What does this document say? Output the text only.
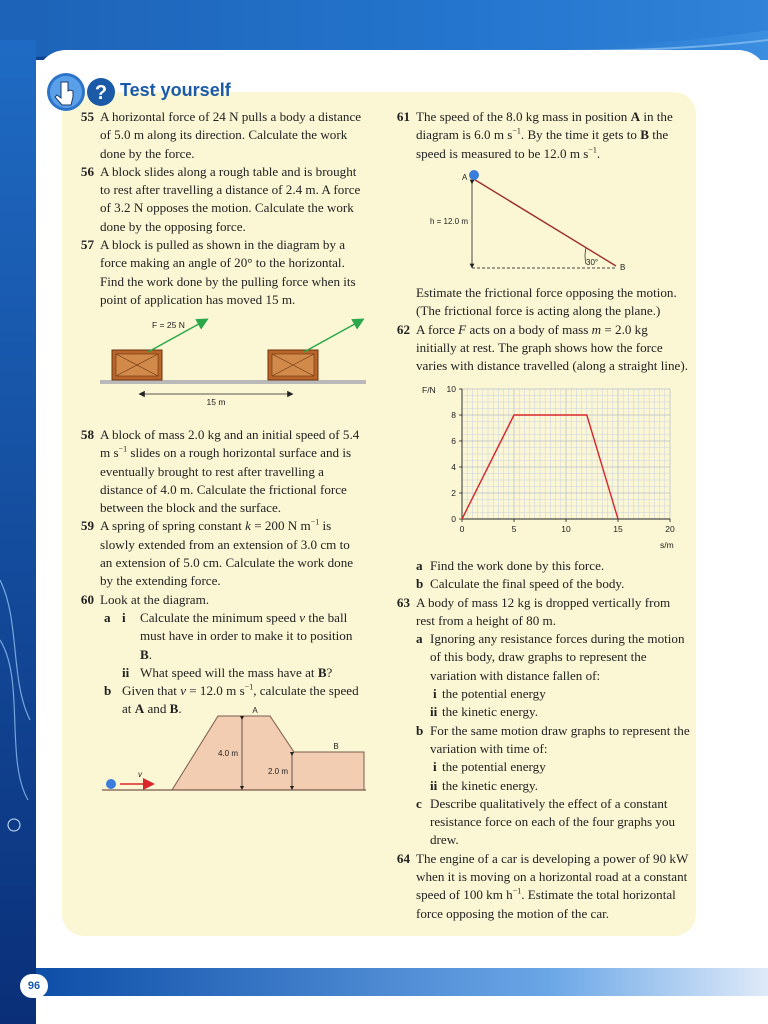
? Test yourself
55 A horizontal force of 24 N pulls a body a distance of 5.0 m along its direction. Calculate the work done by the force.
56 A block slides along a rough table and is brought to rest after travelling a distance of 2.4 m. A force of 3.2 N opposes the motion. Calculate the work done by the opposing force.
57 A block is pulled as shown in the diagram by a force making an angle of 20° to the horizontal. Find the work done by the pulling force when its point of application has moved 15 m.
F = 25 N
15 m
58 A block of mass 2.0 kg and an initial speed of 5.4 m $s^{-1}$ slides on a rough horizontal surface and is eventually brought to rest after travelling a distance of 4.0 m. Calculate the frictional force between the block and the surface.
59 A spring of spring constant k = 200 N $m^{-1}$ is slowly extended from an extension of 3.0 cm to an extension of 5.0 cm. Calculate the work done by the extending force.
60 Look at the diagram.
a i Calculate the minimum speed v the ball must have in order to make it to position B.
ii What speed will the mass have at B?
b Given that v = 12.0 m $s^{-1}$, calculate the speed at A and B.
v
A
B
4.0 m
2.0 m
61 The speed of the 8.0 kg mass in position A in the diagram is 6.0 m $s^{-1}$. By the time it gets to B the speed is measured to be 12.0 m $s^{-1}$.
A
B
h = 12.0 m
30°
Estimate the frictional force opposing the motion. (The frictional force is acting along the plane.)
62 A force F acts on a body of mass m = 2.0 kg initially at rest. The graph shows how the force varies with distance travelled (along a straight line).
0	5	10	15	20
0
2
4
6
8
10
F/N
s/m
a Find the work done by this force.
b Calculate the final speed of the body.
63 A body of mass 12 kg is dropped vertically from rest from a height of 80 m.
a Ignoring any resistance forces during the motion of this body, draw graphs to represent the variation with distance fallen of:
i the potential energy
ii the kinetic energy.
b For the same motion draw graphs to represent the variation with time of:
i the potential energy
ii the kinetic energy.
c Describe qualitatively the effect of a constant resistance force on each of the four graphs you drew.
64 The engine of a car is developing a power of 90 kW when it is moving on a horizontal road at a constant speed of 100 km $h^{-1}$. Estimate the total horizontal force opposing the motion of the car.
96
